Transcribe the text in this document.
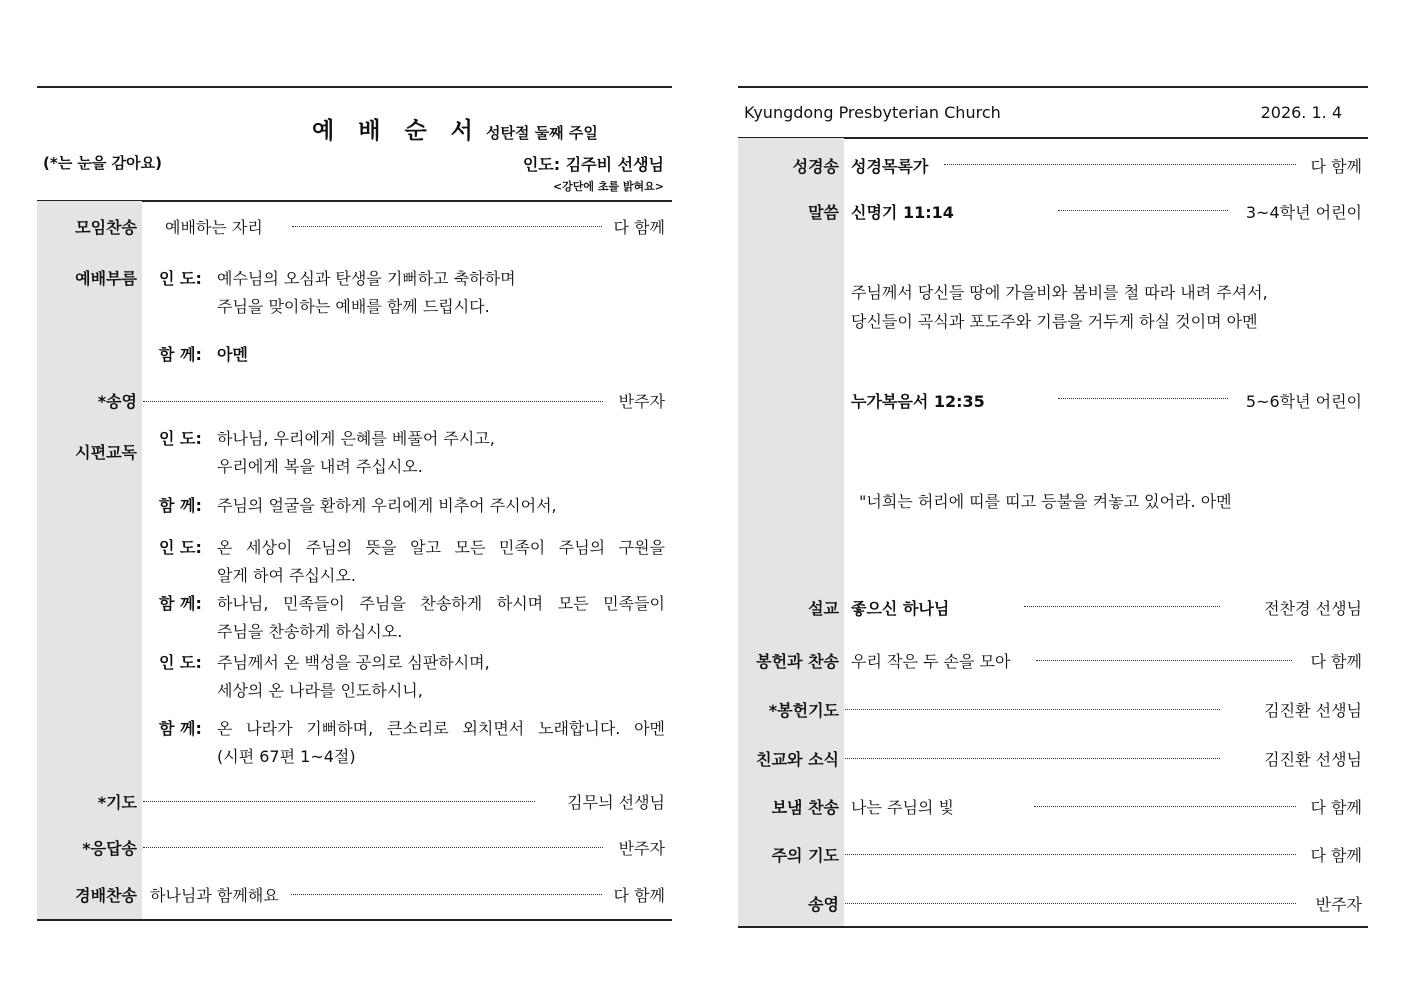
예 배 순 서 성탄절 둘째 주일
(*는 눈을 감아요)	인도: 김주비 선생님
<강단에 초를 밝혀요>
모임찬송 예배하는 자리	다 함께
예배부름 인 도: 예수님의 오심과 탄생을 기뻐하고 축하하며
주님을 맞이하는 예배를 함께 드립시다.
함 께: 아멘
*송영	반주자
시편교독
인 도: 하나님, 우리에게 은혜를 베풀어 주시고,
우리에게 복을 내려 주십시오.
함 께: 주님의 얼굴을 환하게 우리에게 비추어 주시어서,
인 도: 온 세상이 주님의 뜻을 알고 모든 민족이 주님의 구원을
알게 하여 주십시오.
함 께: 하나님, 민족들이 주님을 찬송하게 하시며 모든 민족들이
주님을 찬송하게 하십시오.
인 도: 주님께서 온 백성을 공의로 심판하시며,
세상의 온 나라를 인도하시니,
함 께: 온 나라가 기뻐하며, 큰소리로 외치면서 노래합니다. 아멘
(시편 67편 1~4절)
*기도	김무늬 선생님
*응답송	반주자
경배찬송 하나님과 함께해요	다 함께
Kyungdong Presbyterian Church	2026. 1. 4
성경송 성경목록가	다 함께
말씀 신명기 11:14	3~4학년 어린이
주님께서 당신들 땅에 가을비와 봄비를 철 따라 내려 주셔서,
당신들이 곡식과 포도주와 기름을 거두게 하실 것이며 아멘
누가복음서 12:35	5~6학년 어린이
"너희는 허리에 띠를 띠고 등불을 켜놓고 있어라. 아멘
설교 좋으신 하나님	전찬경 선생님
봉헌과 찬송 우리 작은 두 손을 모아	다 함께
*봉헌기도	김진환 선생님
친교와 소식	김진환 선생님
보냄 찬송 나는 주님의 빛	다 함께
주의 기도	다 함께
송영	반주자
